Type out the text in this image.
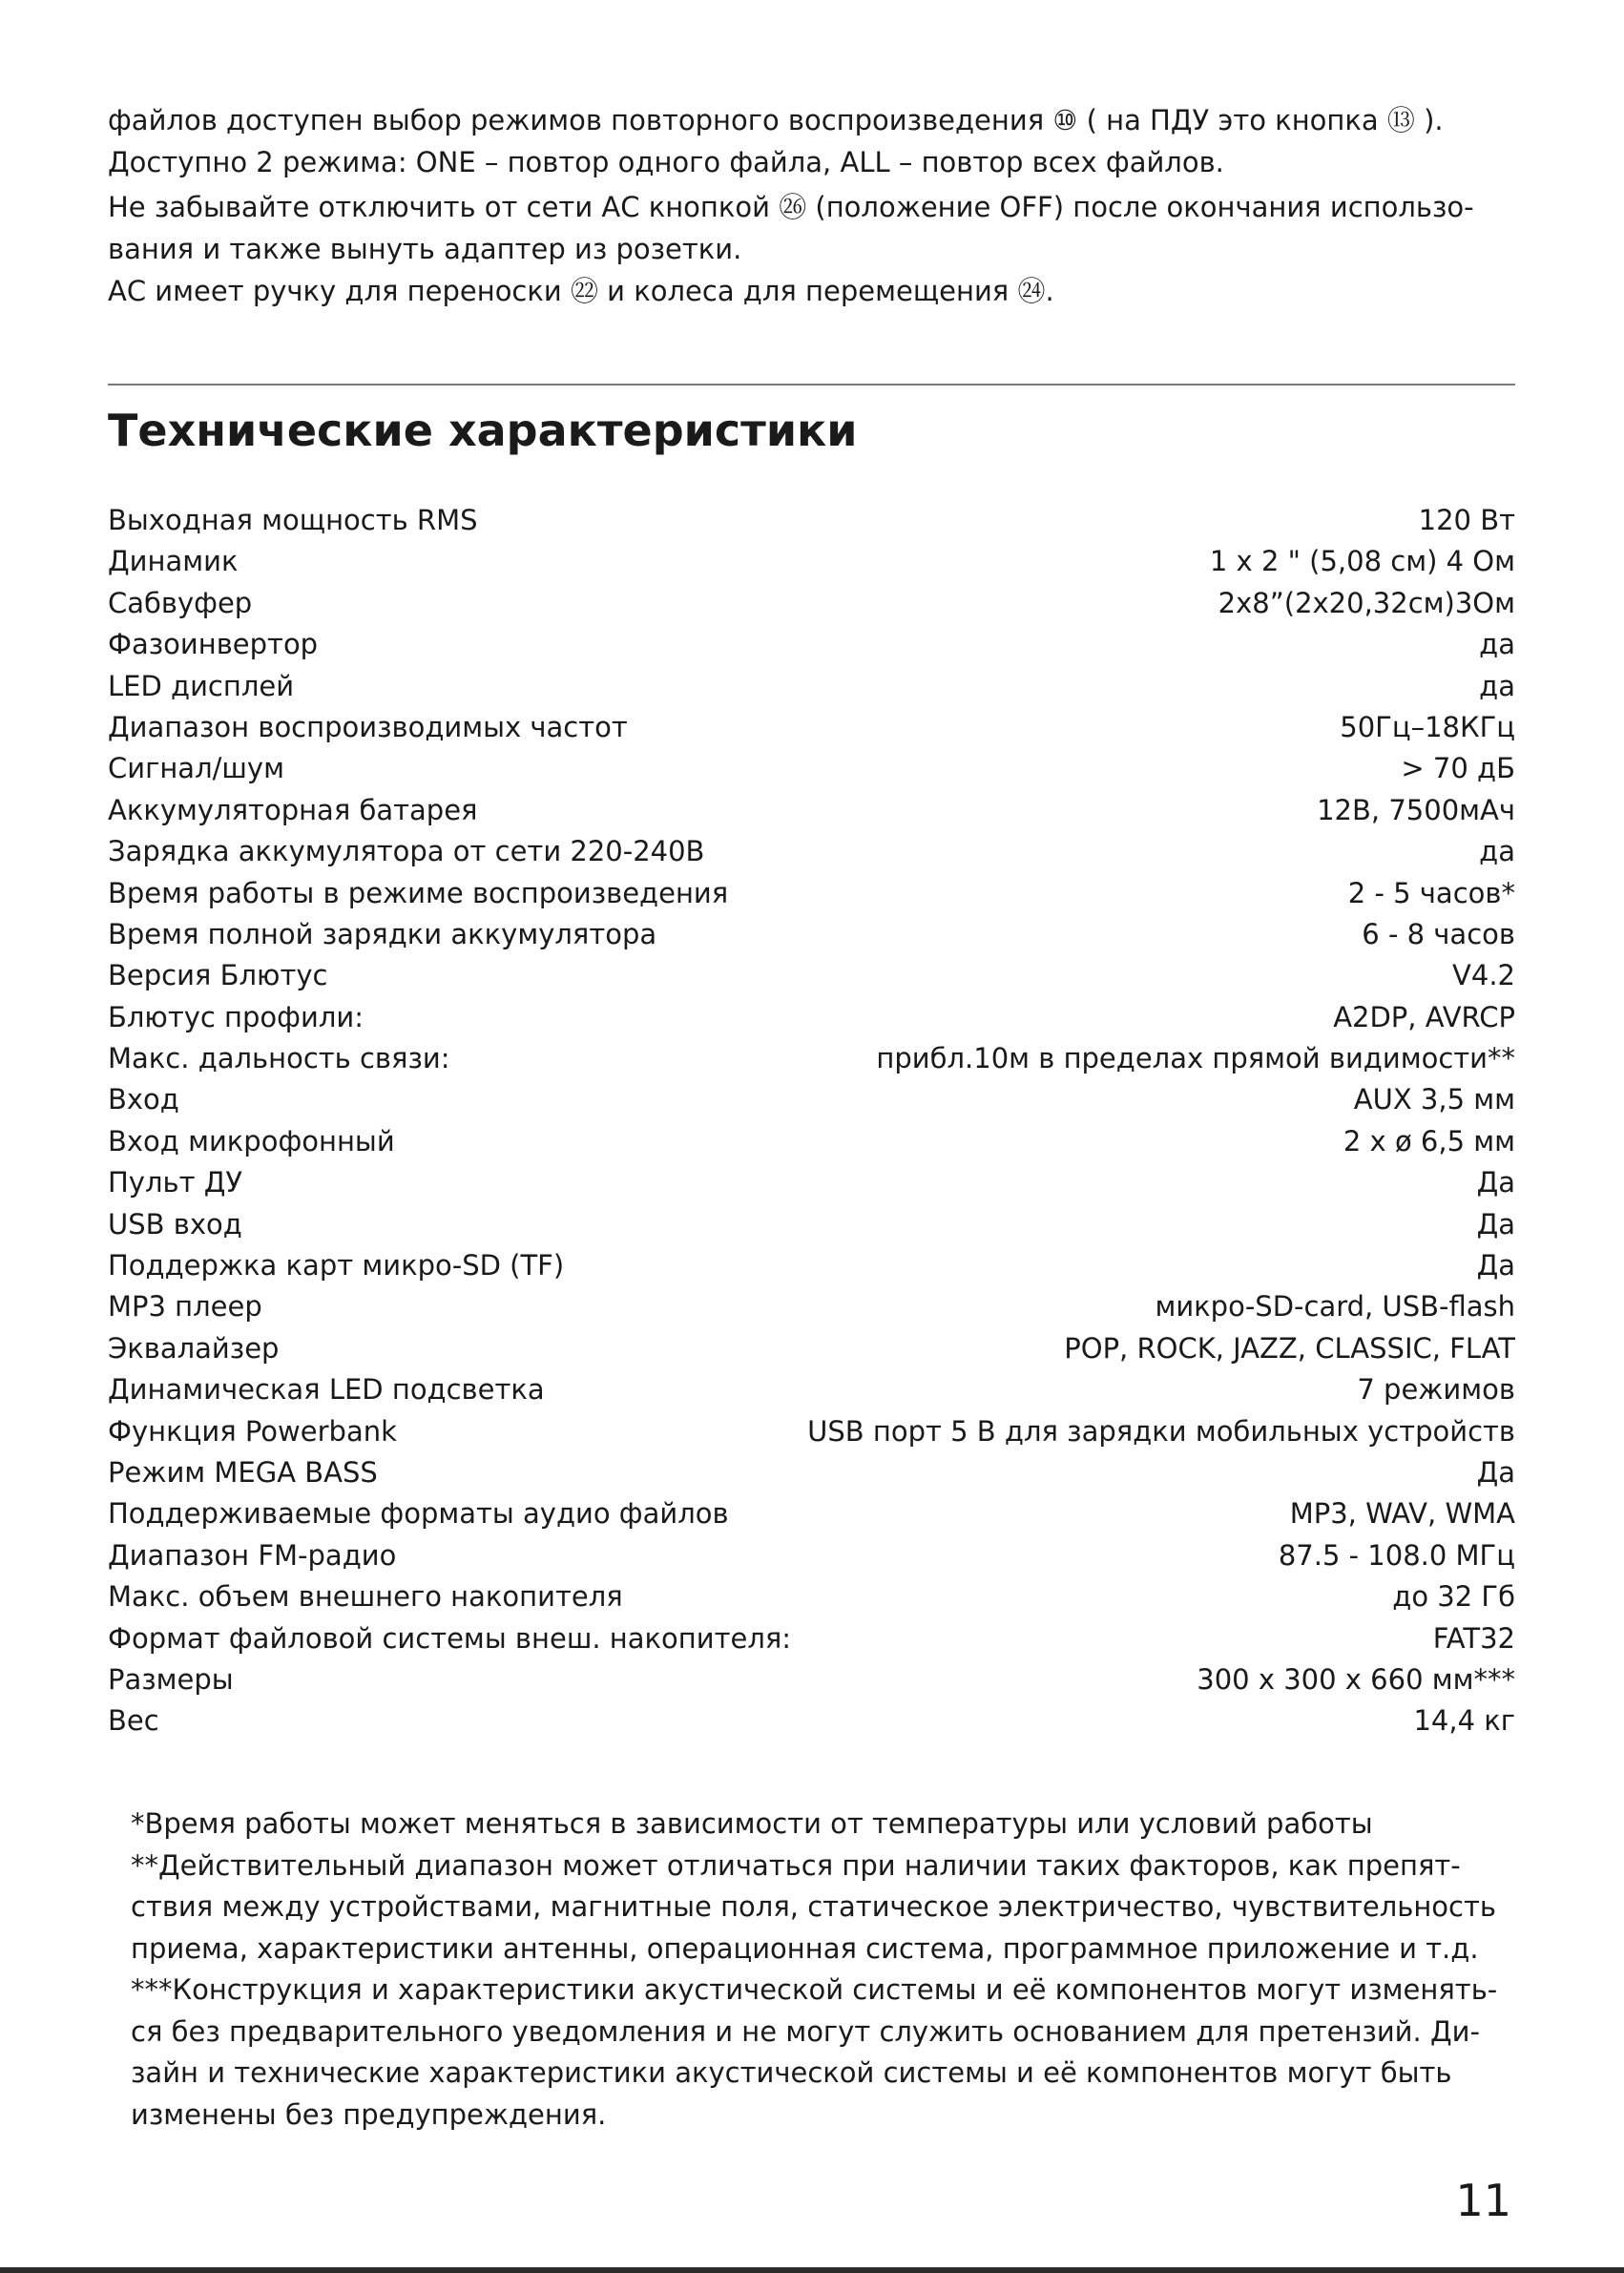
файлов доступен выбор режимов повторного воспроизведения ⑩ ( на ПДУ это кнопка ⑬ ).

Доступно 2 режима: ONE – повтор одного файла, ALL – повтор всех файлов.

Не забывайте отключить от сети АС кнопкой ㉖ (положение OFF) после окончания использо-

вания и также вынуть адаптер из розетки.

АС имеет ручку для переноски ㉒ и колеса для перемещения ㉔.

Технические характеристики
Выходная мощность RMS	120 Вт
Динамик	1 x 2 " (5,08 см) 4 Ом
Сабвуфер	2x8”(2x20,32см)3Ом
Фазоинвертор	да
LED дисплей	да
Диапазон воспроизводимых частот	50Гц–18КГц
Сигнал/шум	> 70 дБ
Аккумуляторная батарея	12В, 7500мАч
Зарядка аккумулятора от сети 220-240В	да
Время работы в режиме воспроизведения	2 - 5 часов*
Время полной зарядки аккумулятора	6 - 8 часов
Версия Блютус	V4.2
Блютус профили:	A2DP, AVRCP
Макс. дальность связи:	прибл.10м в пределах прямой видимости**
Вход	AUX 3,5 мм
Вход микрофонный	2 x ø 6,5 мм
Пульт ДУ	Да
USB вход	Да
Поддержка карт микро-SD (TF)	Да
MP3 плеер	микро-SD-card, USB-flash
Эквалайзер	POP, ROCK, JAZZ, CLASSIC, FLAT
Динамическая LED подсветка	7 режимов
Функция Powerbank	USB порт 5 В для зарядки мобильных устройств
Режим MEGA BASS	Да
Поддерживаемые форматы аудио файлов	MP3, WAV, WMA
Диапазон FM-радио	87.5 - 108.0 МГц
Макс. объем внешнего накопителя	до 32 Гб
Формат файловой системы внеш. накопителя:	FAT32
Размеры	300 x 300 x 660 мм***
Вес	14,4 кг

*Время работы может меняться в зависимости от температуры или условий работы

**Действительный диапазон может отличаться при наличии таких факторов, как препят-

ствия между устройствами, магнитные поля, статическое электричество, чувствительность

приема, характеристики антенны, операционная система, программное приложение и т.д.

***Конструкция и характеристики акустической системы и её компонентов могут изменять-

ся без предварительного уведомления и не могут служить основанием для претензий. Ди-

зайн и технические характеристики акустической системы и её компонентов могут быть

изменены без предупреждения.

11
